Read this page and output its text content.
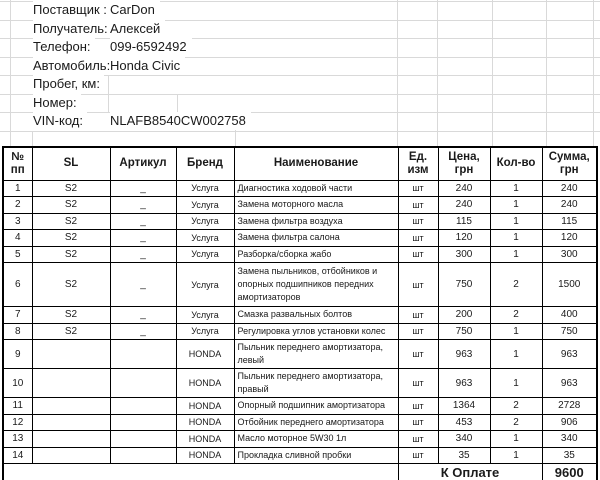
Поставщик : CarDon
Получатель: Алексей
Телефон:	099-6592492
Автомобиль: Honda Civic
Пробег, км:
Номер:
VIN-код:	NLAFB8540CW002758
№ пп	SL	Артикул	Бренд	Наименование	Ед. изм	Цена, грн	Кол-во	Сумма, грн
1	S2	_	Услуга	Диагностика ходовой части	шт	240	1	240
2	S2	_	Услуга	Замена моторного масла	шт	240	1	240
3	S2	_	Услуга	Замена фильтра воздуха	шт	115	1	115
4	S2	_	Услуга	Замена фильтра салона	шт	120	1	120
5	S2	_	Услуга	Разборка/сборка жабо	шт	300	1	300
6	S2	_	Услуга	Замена пыльников, отбойников и опорных подшипников передних амортизаторов	шт	750	2	1500
7	S2	_	Услуга	Смазка развальных болтов	шт	200	2	400
8	S2	_	Услуга	Регулировка углов установки колес	шт	750	1	750
9			HONDA	Пыльник переднего амортизатора, левый	шт	963	1	963
10			HONDA	Пыльник переднего амортизатора, правый	шт	963	1	963
11			HONDA	Опорный подшипник амортизатора	шт	1364	2	2728
12			HONDA	Отбойник переднего амортизатора	шт	453	2	906
13			HONDA	Масло моторное 5W30 1л	шт	340	1	340
14			HONDA	Прокладка сливной пробки	шт	35	1	35
					К Оплате			9600
